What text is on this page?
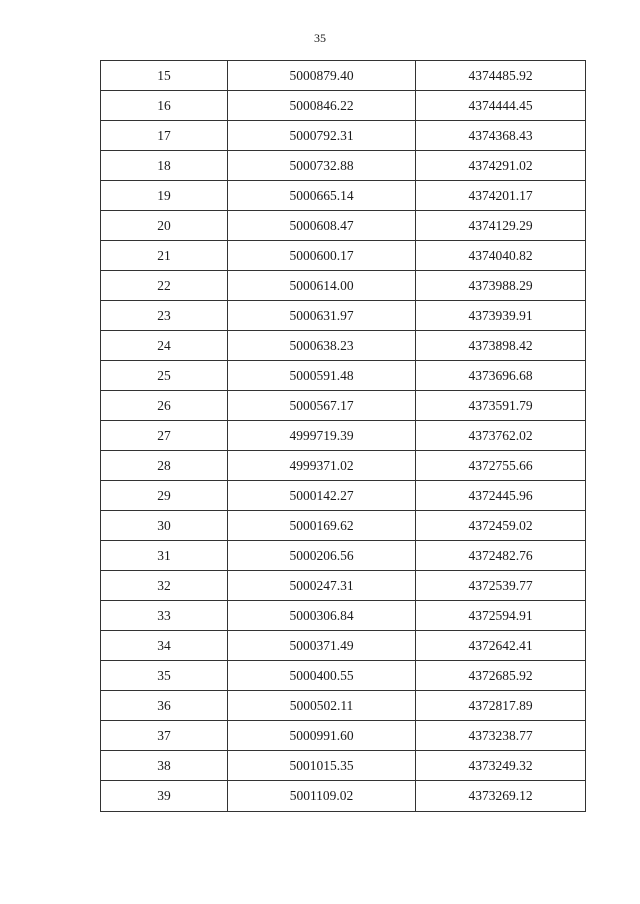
35
15	5000879.40	4374485.92
16	5000846.22	4374444.45
17	5000792.31	4374368.43
18	5000732.88	4374291.02
19	5000665.14	4374201.17
20	5000608.47	4374129.29
21	5000600.17	4374040.82
22	5000614.00	4373988.29
23	5000631.97	4373939.91
24	5000638.23	4373898.42
25	5000591.48	4373696.68
26	5000567.17	4373591.79
27	4999719.39	4373762.02
28	4999371.02	4372755.66
29	5000142.27	4372445.96
30	5000169.62	4372459.02
31	5000206.56	4372482.76
32	5000247.31	4372539.77
33	5000306.84	4372594.91
34	5000371.49	4372642.41
35	5000400.55	4372685.92
36	5000502.11	4372817.89
37	5000991.60	4373238.77
38	5001015.35	4373249.32
39	5001109.02	4373269.12
